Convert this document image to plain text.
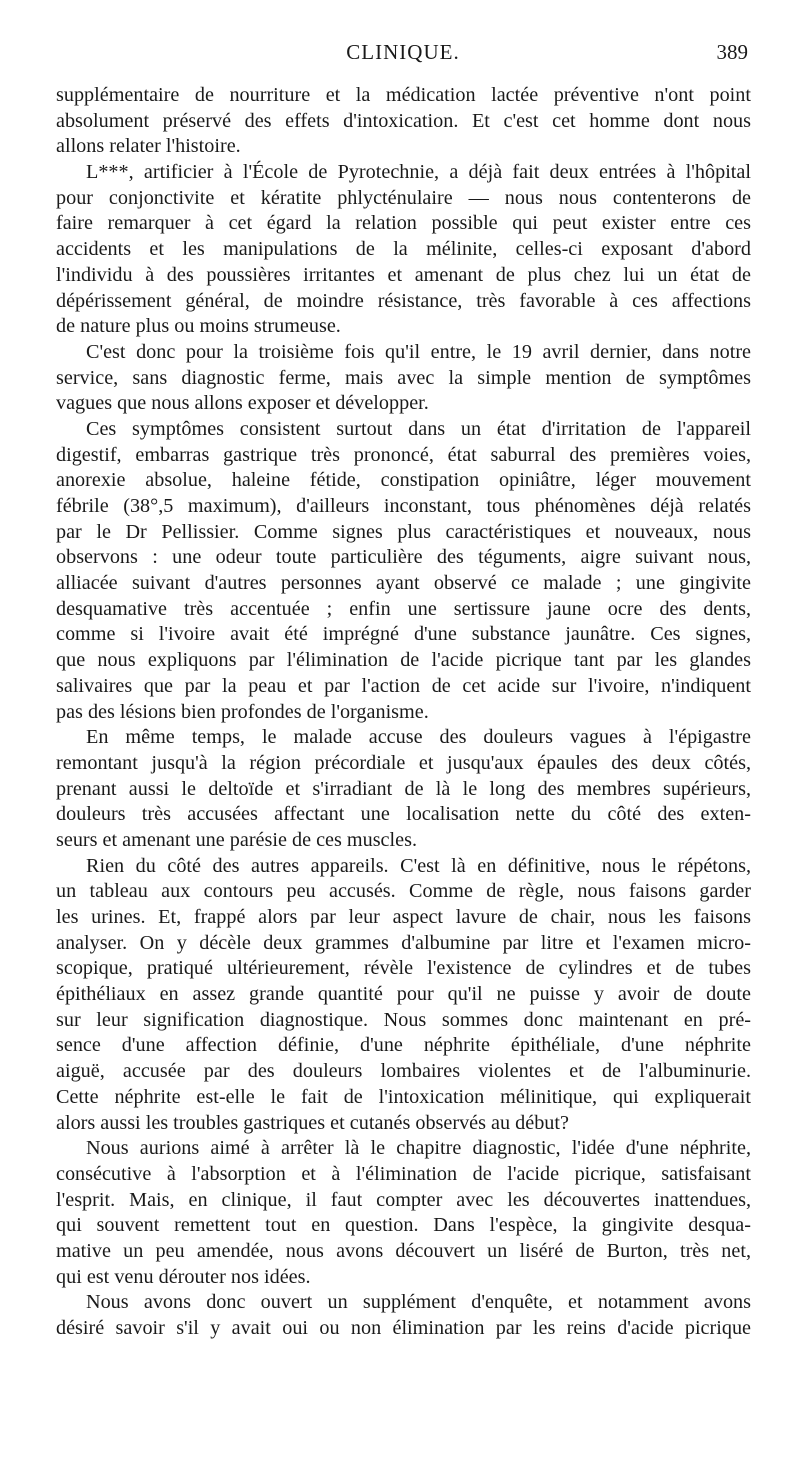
CLINIQUE.	389
supplémentaire de nourriture et la médication lactée préventive n'ont point
absolument préservé des effets d'intoxication. Et c'est cet homme dont nous
allons relater l'histoire.
L***, artificier à l'École de Pyrotechnie, a déjà fait deux entrées à l'hôpital
pour conjonctivite et kératite phlycténulaire — nous nous contenterons de
faire remarquer à cet égard la relation possible qui peut exister entre ces
accidents et les manipulations de la mélinite, celles-ci exposant d'abord
l'individu à des poussières irritantes et amenant de plus chez lui un état de
dépérissement général, de moindre résistance, très favorable à ces affections
de nature plus ou moins strumeuse.
C'est donc pour la troisième fois qu'il entre, le 19 avril dernier, dans notre
service, sans diagnostic ferme, mais avec la simple mention de symptômes
vagues que nous allons exposer et développer.
Ces symptômes consistent surtout dans un état d'irritation de l'appareil
digestif, embarras gastrique très prononcé, état saburral des premières voies,
anorexie absolue, haleine fétide, constipation opiniâtre, léger mouvement
fébrile (38°,5 maximum), d'ailleurs inconstant, tous phénomènes déjà relatés
par le Dr Pellissier. Comme signes plus caractéristiques et nouveaux, nous
observons : une odeur toute particulière des téguments, aigre suivant nous,
alliacée suivant d'autres personnes ayant observé ce malade ; une gingivite
desquamative très accentuée ; enfin une sertissure jaune ocre des dents,
comme si l'ivoire avait été imprégné d'une substance jaunâtre. Ces signes,
que nous expliquons par l'élimination de l'acide picrique tant par les glandes
salivaires que par la peau et par l'action de cet acide sur l'ivoire, n'indiquent
pas des lésions bien profondes de l'organisme.
En même temps, le malade accuse des douleurs vagues à l'épigastre
remontant jusqu'à la région précordiale et jusqu'aux épaules des deux côtés,
prenant aussi le deltoïde et s'irradiant de là le long des membres supérieurs,
douleurs très accusées affectant une localisation nette du côté des exten-
seurs et amenant une parésie de ces muscles.
Rien du côté des autres appareils. C'est là en définitive, nous le répétons,
un tableau aux contours peu accusés. Comme de règle, nous faisons garder
les urines. Et, frappé alors par leur aspect lavure de chair, nous les faisons
analyser. On y décèle deux grammes d'albumine par litre et l'examen micro-
scopique, pratiqué ultérieurement, révèle l'existence de cylindres et de tubes
épithéliaux en assez grande quantité pour qu'il ne puisse y avoir de doute
sur leur signification diagnostique. Nous sommes donc maintenant en pré-
sence d'une affection définie, d'une néphrite épithéliale, d'une néphrite
aiguë, accusée par des douleurs lombaires violentes et de l'albuminurie.
Cette néphrite est-elle le fait de l'intoxication mélinitique, qui expliquerait
alors aussi les troubles gastriques et cutanés observés au début?
Nous aurions aimé à arrêter là le chapitre diagnostic, l'idée d'une néphrite,
consécutive à l'absorption et à l'élimination de l'acide picrique, satisfaisant
l'esprit. Mais, en clinique, il faut compter avec les découvertes inattendues,
qui souvent remettent tout en question. Dans l'espèce, la gingivite desqua-
mative un peu amendée, nous avons découvert un liséré de Burton, très net,
qui est venu dérouter nos idées.
Nous avons donc ouvert un supplément d'enquête, et notamment avons
désiré savoir s'il y avait oui ou non élimination par les reins d'acide picrique
